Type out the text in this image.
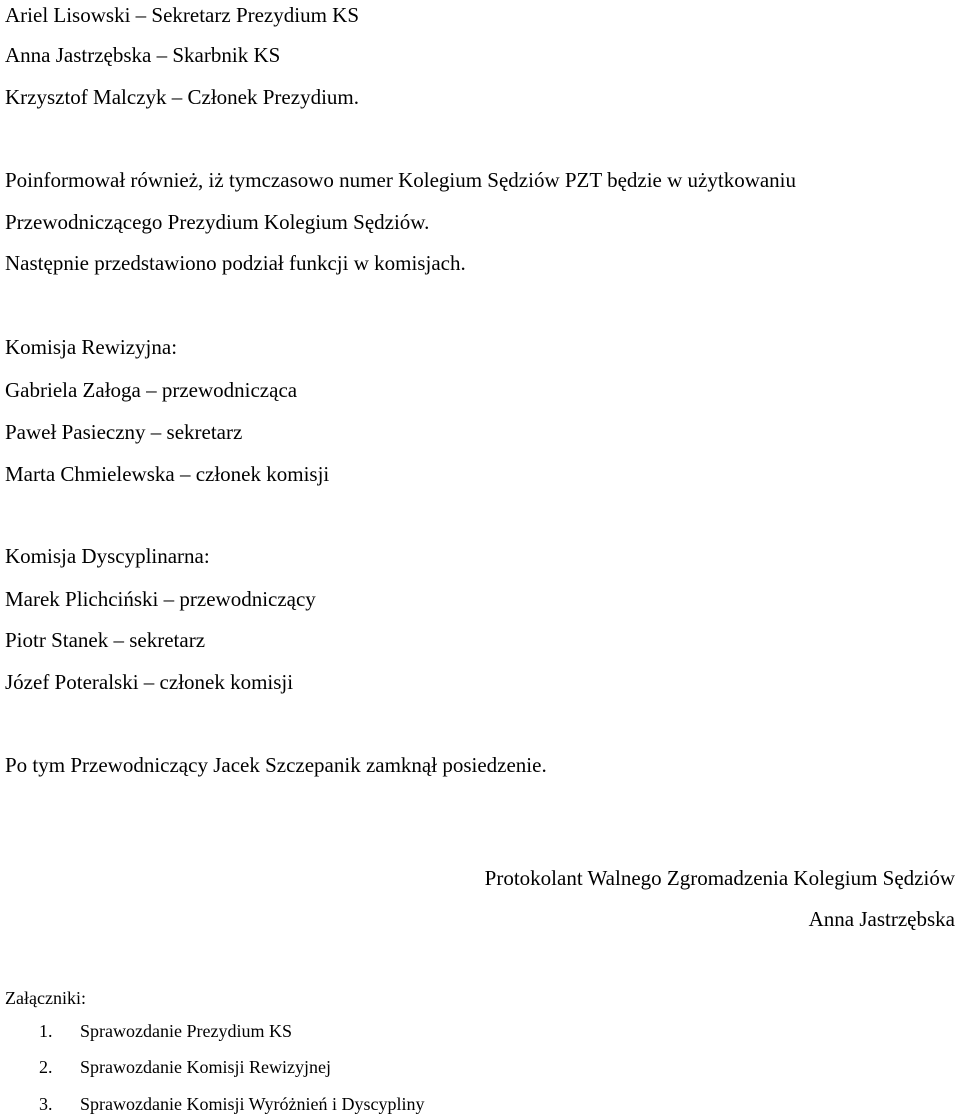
Ariel Lisowski – Sekretarz Prezydium KS
Anna Jastrzębska – Skarbnik KS
Krzysztof Malczyk – Członek Prezydium.
Poinformował również, iż tymczasowo numer Kolegium Sędziów PZT będzie w użytkowaniu
Przewodniczącego Prezydium Kolegium Sędziów.
Następnie przedstawiono podział funkcji w komisjach.
Komisja Rewizyjna:
Gabriela Załoga – przewodnicząca
Paweł Pasieczny – sekretarz
Marta Chmielewska – członek komisji
Komisja Dyscyplinarna:
Marek Plichciński – przewodniczący
Piotr Stanek – sekretarz
Józef Poteralski – członek komisji
Po tym Przewodniczący Jacek Szczepanik zamknął posiedzenie.
Protokolant Walnego Zgromadzenia Kolegium Sędziów
Anna Jastrzębska
Załączniki:
1. Sprawozdanie Prezydium KS
2. Sprawozdanie Komisji Rewizyjnej
3. Sprawozdanie Komisji Wyróżnień i Dyscypliny
